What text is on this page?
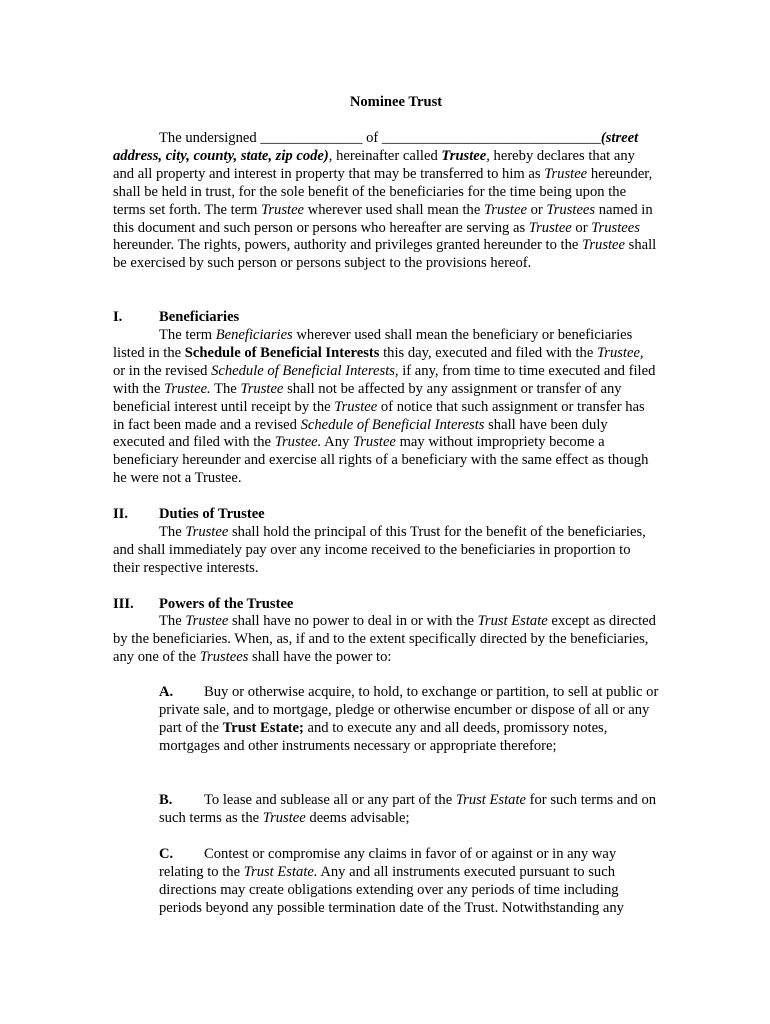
Nominee Trust

The undersigned ______________ of ______________________________(street address, city, county, state, zip code), hereinafter called Trustee, hereby declares that any and all property and interest in property that may be transferred to him as Trustee hereunder, shall be held in trust, for the sole benefit of the beneficiaries for the time being upon the terms set forth. The term Trustee wherever used shall mean the Trustee or Trustees named in this document and such person or persons who hereafter are serving as Trustee or Trustees hereunder. The rights, powers, authority and privileges granted hereunder to the Trustee shall be exercised by such person or persons subject to the provisions hereof.

I.	Beneficiaries

The term Beneficiaries wherever used shall mean the beneficiary or beneficiaries listed in the Schedule of Beneficial Interests this day, executed and filed with the Trustee, or in the revised Schedule of Beneficial Interests, if any, from time to time executed and filed with the Trustee. The Trustee shall not be affected by any assignment or transfer of any beneficial interest until receipt by the Trustee of notice that such assignment or transfer has in fact been made and a revised Schedule of Beneficial Interests shall have been duly executed and filed with the Trustee. Any Trustee may without impropriety become a beneficiary hereunder and exercise all rights of a beneficiary with the same effect as though he were not a Trustee.

II. Duties of Trustee

The Trustee shall hold the principal of this Trust for the benefit of the beneficiaries, and shall immediately pay over any income received to the beneficiaries in proportion to their respective interests.

III. Powers of the Trustee

The Trustee shall have no power to deal in or with the Trust Estate except as directed by the beneficiaries. When, as, if and to the extent specifically directed by the beneficiaries, any one of the Trustees shall have the power to:

A. Buy or otherwise acquire, to hold, to exchange or partition, to sell at public or private sale, and to mortgage, pledge or otherwise encumber or dispose of all or any part of the Trust Estate; and to execute any and all deeds, promissory notes, mortgages and other instruments necessary or appropriate therefore;

B. To lease and sublease all or any part of the Trust Estate for such terms and on such terms as the Trustee deems advisable;

C. Contest or compromise any claims in favor of or against or in any way relating to the Trust Estate. Any and all instruments executed pursuant to such directions may create obligations extending over any periods of time including periods beyond any possible termination date of the Trust. Notwithstanding any
